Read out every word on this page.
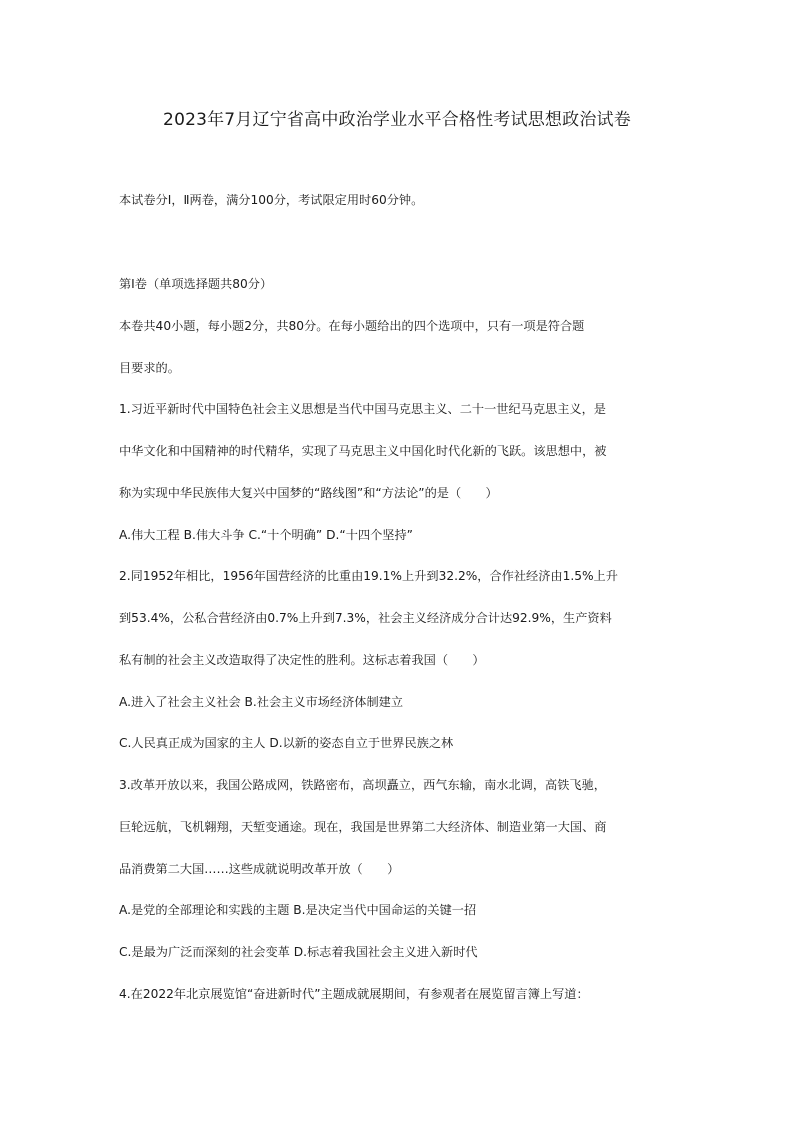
2023年7月辽宁省高中政治学业水平合格性考试思想政治试卷
本试卷分Ⅰ，Ⅱ两卷，满分100分，考试限定用时60分钟。
第Ⅰ卷（单项选择题共80分）
本卷共40小题，每小题2分，共80分。在每小题给出的四个选项中，只有一项是符合题
目要求的。
1.习近平新时代中国特色社会主义思想是当代中国马克思主义、二十一世纪马克思主义，是
中华文化和中国精神的时代精华，实现了马克思主义中国化时代化新的飞跃。该思想中，被
称为实现中华民族伟大复兴中国梦的“路线图”和“方法论”的是（　　）
A.伟大工程 B.伟大斗争 C.“十个明确” D.“十四个坚持”
2.同1952年相比，1956年国营经济的比重由19.1%上升到32.2%，合作社经济由1.5%上升
到53.4%，公私合营经济由0.7%上升到7.3%，社会主义经济成分合计达92.9%，生产资料
私有制的社会主义改造取得了决定性的胜利。这标志着我国（　　）
A.进入了社会主义社会 B.社会主义市场经济体制建立
C.人民真正成为国家的主人 D.以新的姿态自立于世界民族之林
3.改革开放以来，我国公路成网，铁路密布，高坝矗立，西气东输，南水北调，高铁飞驰，
巨轮远航，飞机翱翔，天堑变通途。现在，我国是世界第二大经济体、制造业第一大国、商
品消费第二大国……这些成就说明改革开放（　　）
A.是党的全部理论和实践的主题 B.是决定当代中国命运的关键一招
C.是最为广泛而深刻的社会变革 D.标志着我国社会主义进入新时代
4.在2022年北京展览馆“奋进新时代”主题成就展期间，有参观者在展览留言簿上写道：
